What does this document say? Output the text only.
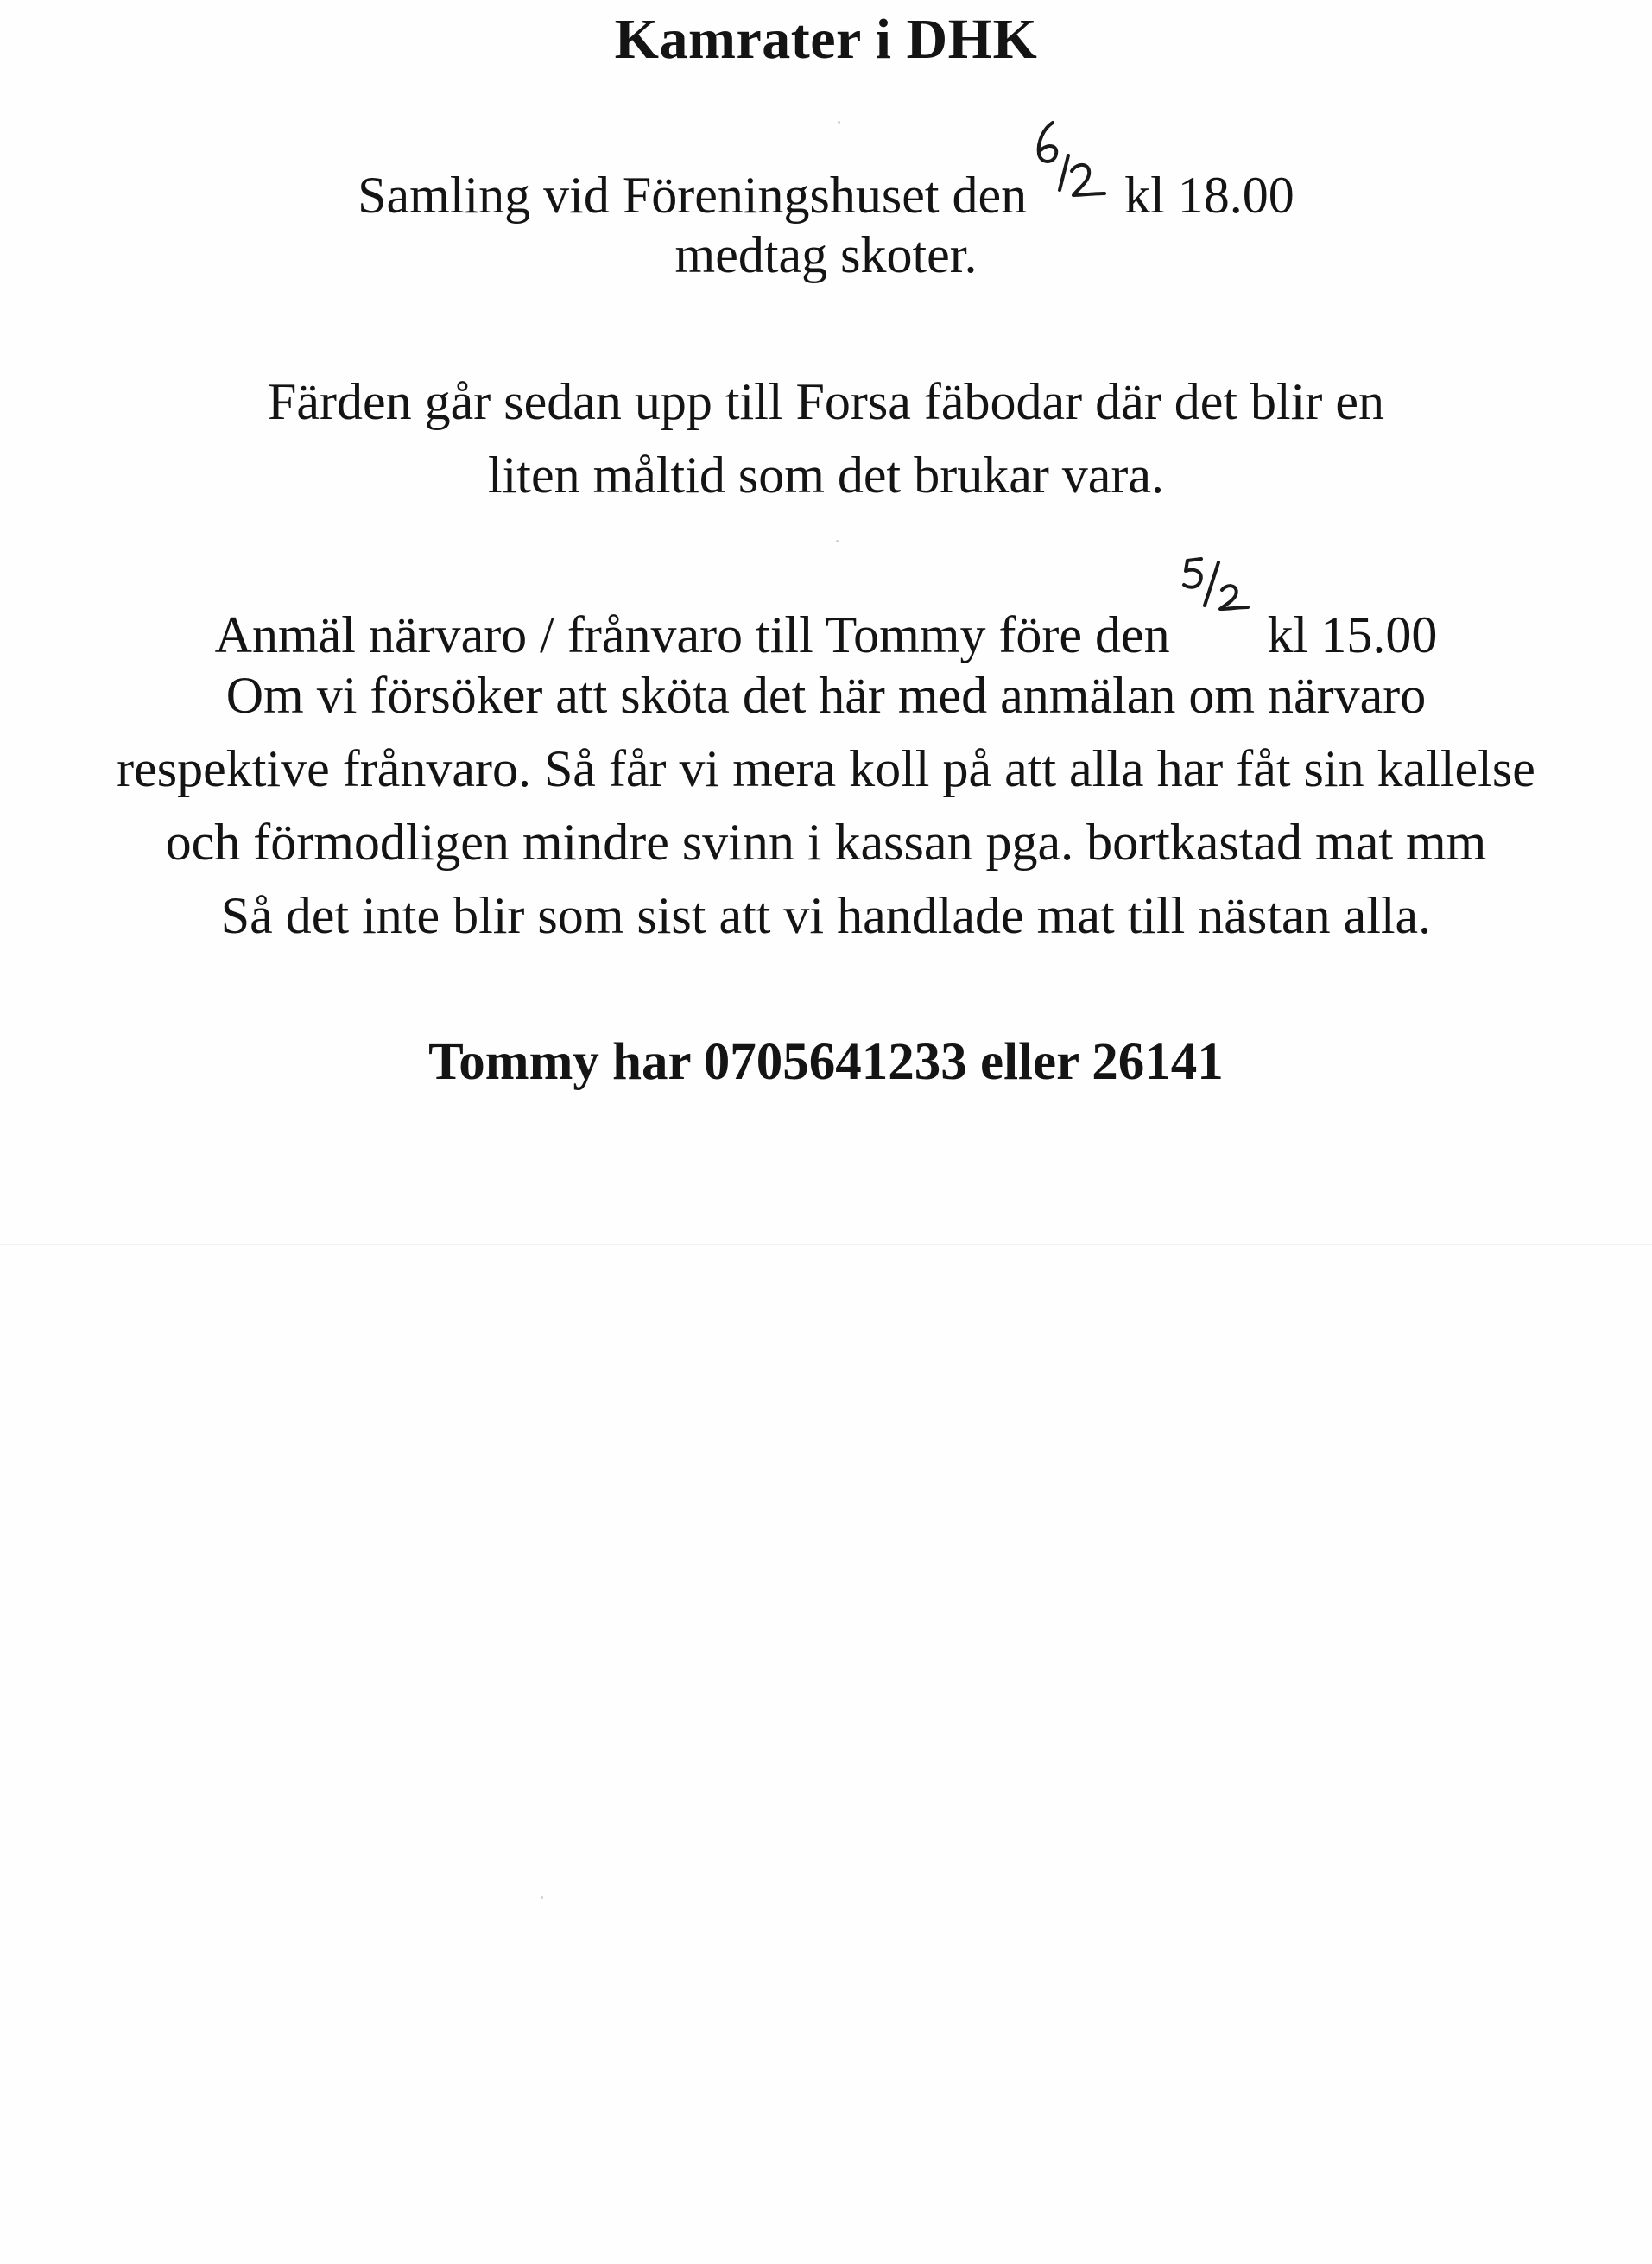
Kamrater i DHK
Samling vid Föreningshuset den kl 18.00
medtag skoter.
Färden går sedan upp till Forsa fäbodar där det blir en
liten måltid som det brukar vara.
Anmäl närvaro / frånvaro till Tommy före den kl 15.00
Om vi försöker att sköta det här med anmälan om närvaro
respektive frånvaro. Så får vi mera koll på att alla har fåt sin kallelse
och förmodligen mindre svinn i kassan pga. bortkastad mat mm
Så det inte blir som sist att vi handlade mat till nästan alla.
Tommy har 0705641233 eller 26141
